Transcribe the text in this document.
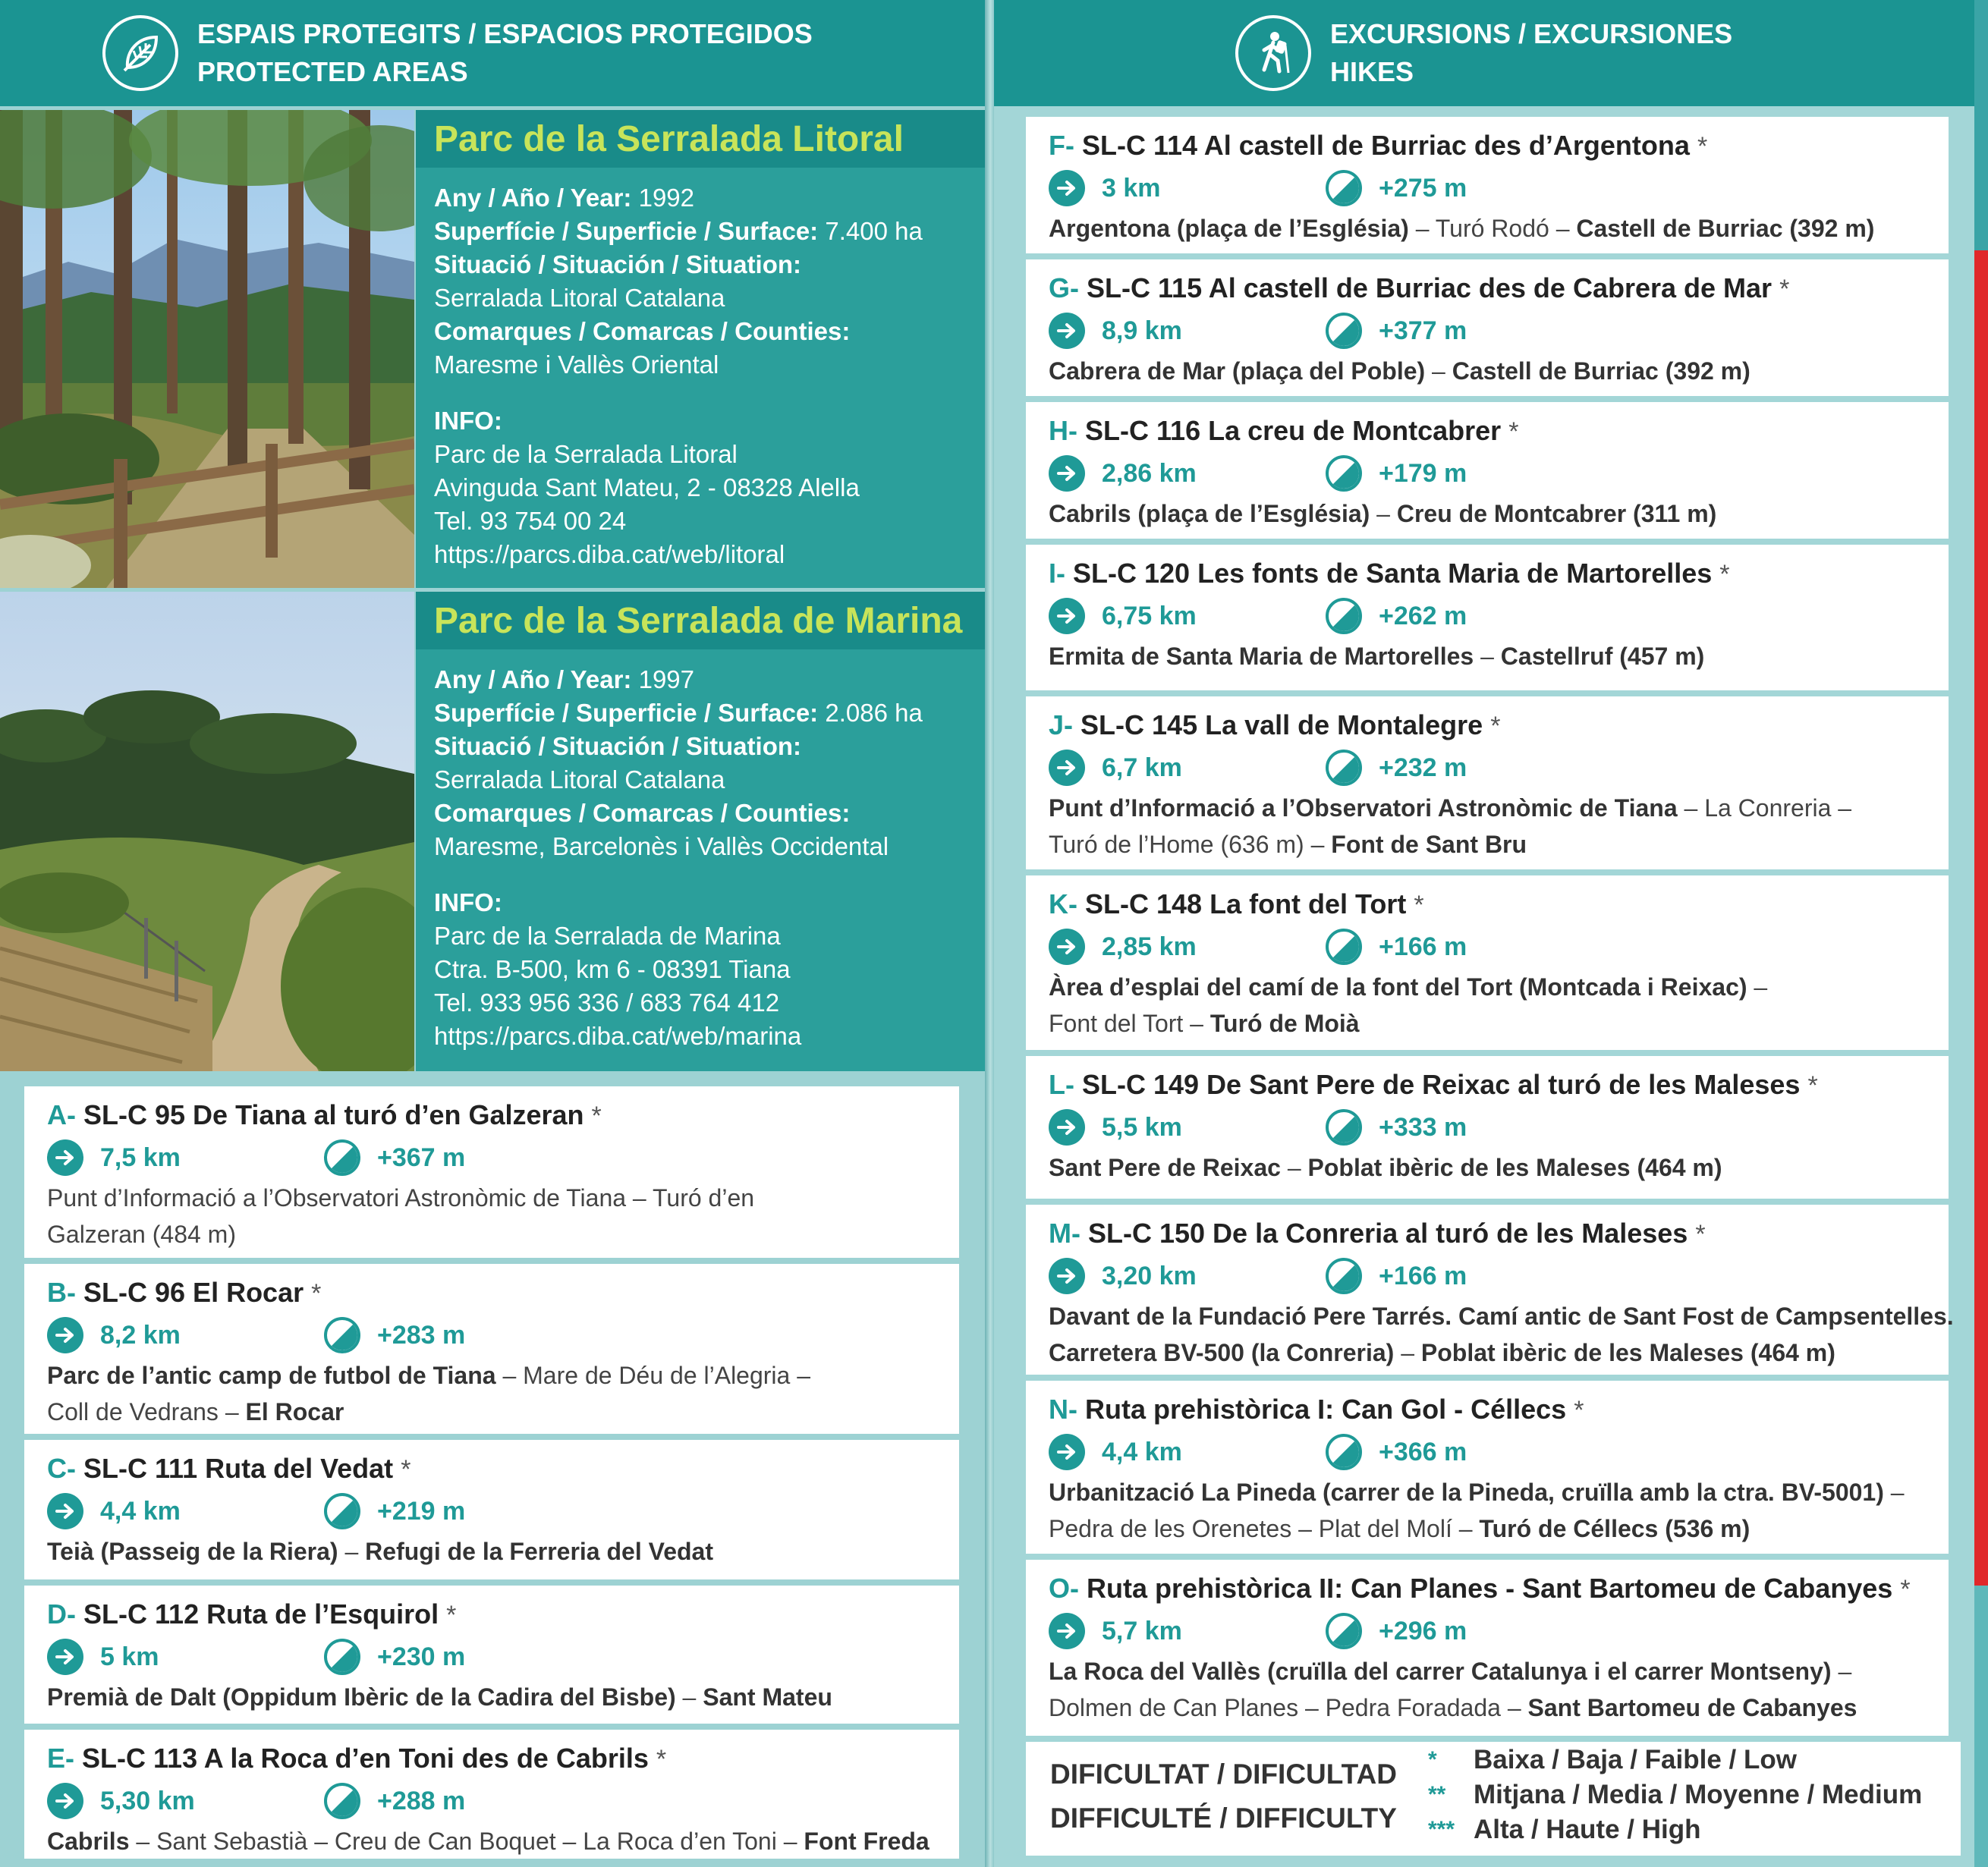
ESPAIS PROTEGITS / ESPACIOS PROTEGIDOS
PROTECTED AREAS
EXCURSIONS / EXCURSIONES
HIKES
Parc de la Serralada Litoral
Any / Año / Year: 1992
Superfície / Superficie / Surface: 7.400 ha
Situació / Situación / Situation:
Serralada Litoral Catalana
Comarques / Comarcas / Counties:
Maresme i Vallès Oriental
INFO:
Parc de la Serralada Litoral
Avinguda Sant Mateu, 2 - 08328 Alella
Tel. 93 754 00 24
https://parcs.diba.cat/web/litoral
Parc de la Serralada de Marina
Any / Año / Year: 1997
Superfície / Superficie / Surface: 2.086 ha
Situació / Situación / Situation:
Serralada Litoral Catalana
Comarques / Comarcas / Counties:
Maresme, Barcelonès i Vallès Occidental
INFO:
Parc de la Serralada de Marina
Ctra. B-500, km 6 - 08391 Tiana
Tel. 933 956 336 / 683 764 412
https://parcs.diba.cat/web/marina
A- SL-C 95 De Tiana al turó d’en Galzeran *
7,5 km	+367 m
Punt d’Informació a l’Observatori Astronòmic de Tiana – Turó d’en
Galzeran (484 m)
B- SL-C 96 El Rocar *
8,2 km	+283 m
Parc de l’antic camp de futbol de Tiana – Mare de Déu de l’Alegria –
Coll de Vedrans – El Rocar
C- SL-C 111 Ruta del Vedat *
4,4 km	+219 m
Teià (Passeig de la Riera) – Refugi de la Ferreria del Vedat
D- SL-C 112 Ruta de l’Esquirol *
5 km	+230 m
Premià de Dalt (Oppidum Ibèric de la Cadira del Bisbe) – Sant Mateu
E- SL-C 113 A la Roca d’en Toni des de Cabrils *
5,30 km	+288 m
Cabrils – Sant Sebastià – Creu de Can Boquet – La Roca d’en Toni – Font Freda
F- SL-C 114 Al castell de Burriac des d’Argentona *
3 km	+275 m
Argentona (plaça de l’Església) – Turó Rodó – Castell de Burriac (392 m)
G- SL-C 115 Al castell de Burriac des de Cabrera de Mar *
8,9 km	+377 m
Cabrera de Mar (plaça del Poble) – Castell de Burriac (392 m)
H- SL-C 116 La creu de Montcabrer *
2,86 km	+179 m
Cabrils (plaça de l’Església) – Creu de Montcabrer (311 m)
I- SL-C 120 Les fonts de Santa Maria de Martorelles *
6,75 km	+262 m
Ermita de Santa Maria de Martorelles – Castellruf (457 m)
J- SL-C 145 La vall de Montalegre *
6,7 km	+232 m
Punt d’Informació a l’Observatori Astronòmic de Tiana – La Conreria –
Turó de l’Home (636 m) – Font de Sant Bru
K- SL-C 148 La font del Tort *
2,85 km	+166 m
Àrea d’esplai del camí de la font del Tort (Montcada i Reixac) –
Font del Tort – Turó de Moià
L- SL-C 149 De Sant Pere de Reixac al turó de les Maleses *
5,5 km	+333 m
Sant Pere de Reixac – Poblat ibèric de les Maleses (464 m)
M- SL-C 150 De la Conreria al turó de les Maleses *
3,20 km	+166 m
Davant de la Fundació Pere Tarrés. Camí antic de Sant Fost de Campsentelles.
Carretera BV-500 (la Conreria) – Poblat ibèric de les Maleses (464 m)
N- Ruta prehistòrica I: Can Gol - Céllecs *
4,4 km	+366 m
Urbanització La Pineda (carrer de la Pineda, cruïlla amb la ctra. BV-5001) –
Pedra de les Orenetes – Plat del Molí – Turó de Céllecs (536 m)
O- Ruta prehistòrica II: Can Planes - Sant Bartomeu de Cabanyes *
5,7 km	+296 m
La Roca del Vallès (cruïlla del carrer Catalunya i el carrer Montseny) –
Dolmen de Can Planes – Pedra Foradada – Sant Bartomeu de Cabanyes
DIFICULTAT / DIFICULTAD
DIFFICULTÉ / DIFFICULTY
*	Baixa / Baja / Faible / Low
**	Mitjana / Media / Moyenne / Medium
*** Alta / Haute / High
